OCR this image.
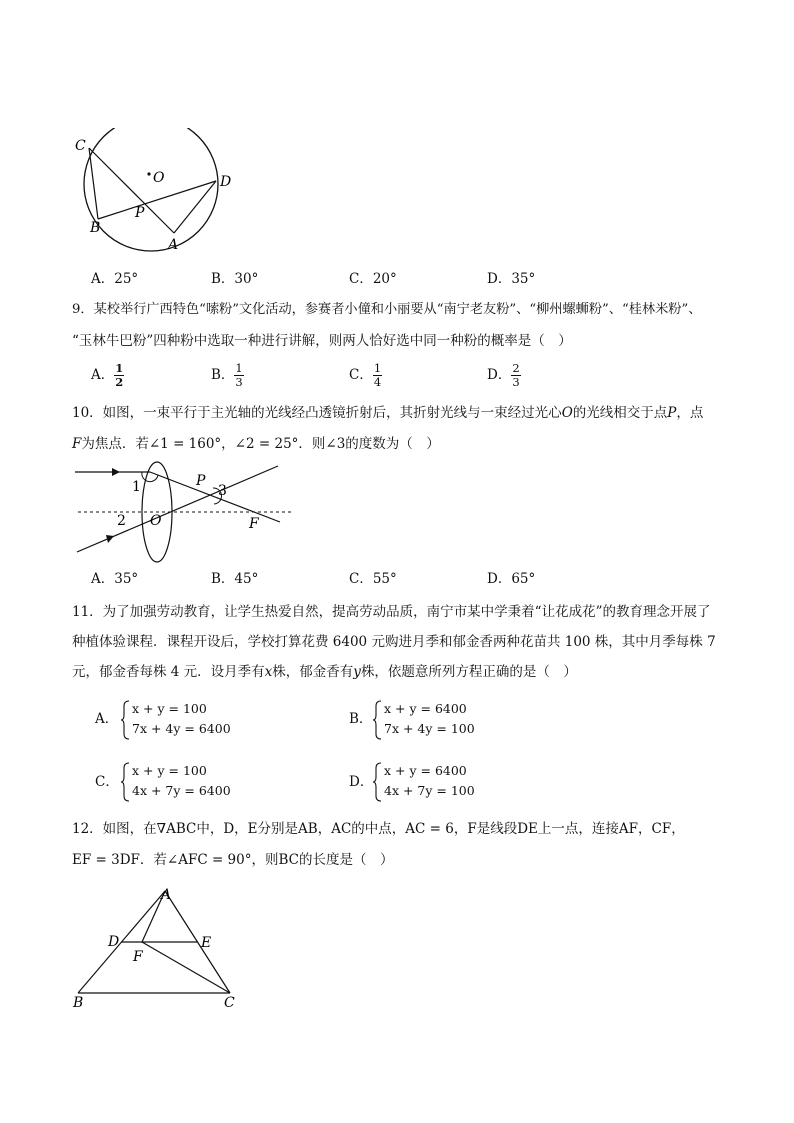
C
O	D
P
B
A
A．25°	B．30°	C．20°	D．35°
9．某校举行广西特色“嗦粉”文化活动，参赛者小僮和小丽要从“南宁老友粉”、“柳州螺蛳粉”、“桂林米粉”、
“玉林牛巴粉”四种粉中选取一种进行讲解，则两人恰好选中同一种粉的概率是（　）
A． $\frac{1}{2}$	B． $\frac{1}{3}$	C． $\frac{1}{4}$	D． $\frac{2}{3}$
10．如图，一束平行于主光轴的光线经凸透镜折射后，其折射光线与一束经过光心O的光线相交于点P，点
F为焦点．若∠1 = 160°，∠2 = 25°．则∠3的度数为（　）
1
2
3
P
O	F
A．35°	B．45°	C．55°	D．65°
11．为了加强劳动教育，让学生热爱自然，提高劳动品质，南宁市某中学秉着“让花成花”的教育理念开展了
种植体验课程．课程开设后，学校打算花费 6400 元购进月季和郁金香两种花苗共 100 株，其中月季每株 7
元，郁金香每株 4 元．设月季有x株，郁金香有y株，依题意所列方程正确的是（　）
A．
x + y = 100
7x + 4y = 6400
B．
x + y = 6400
7x + 4y = 100
C．
x + y = 100
4x + 7y = 6400
D．
x + y = 6400
4x + 7y = 100
12．如图，在∇ABC中，D，E分别是AB，AC的中点，AC = 6，F是线段DE上一点，连接AF，CF，
EF = 3DF．若∠AFC = 90°，则BC的长度是（　）
A
D	E
F
B	C
